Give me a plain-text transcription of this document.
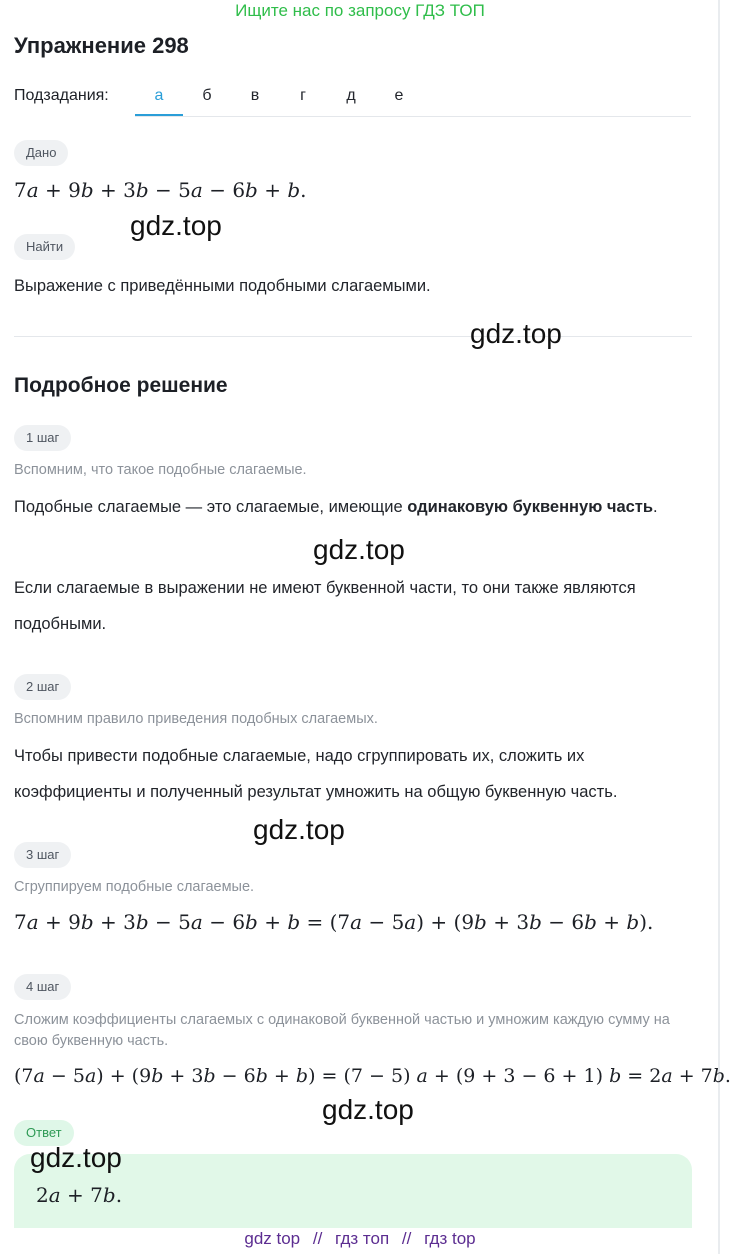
Ищите нас по запросу ГДЗ ТОП
Упражнение 298
Подзадания:	а	б	в	г	д	е
Дано
7a + 9b + 3b − 5a − 6b + b.
Найти
Выражение с приведёнными подобными слагаемыми.
Подробное решение
1 шаг
Вспомним, что такое подобные слагаемые.
Подобные слагаемые — это слагаемые, имеющие одинаковую буквенную часть.
Если слагаемые в выражении не имеют буквенной части, то они также являются подобными.
2 шаг
Вспомним правило приведения подобных слагаемых.
Чтобы привести подобные слагаемые, надо сгруппировать их, сложить их коэффициенты и полученный результат умножить на общую буквенную часть.
3 шаг
Сгруппируем подобные слагаемые.
7a + 9b + 3b − 5a − 6b + b = (7a − 5a) + (9b + 3b − 6b + b).
4 шаг
Сложим коэффициенты слагаемых с одинаковой буквенной частью и умножим каждую сумму на свою буквенную часть.
(7a − 5a) + (9b + 3b − 6b + b) = (7 − 5) a + (9 + 3 − 6 + 1) b = 2a + 7b.
Ответ
2a + 7b.
gdz.top
gdz.top
gdz.top
gdz.top
gdz.top
gdz.top
gdz top // гдз топ // гдз top
